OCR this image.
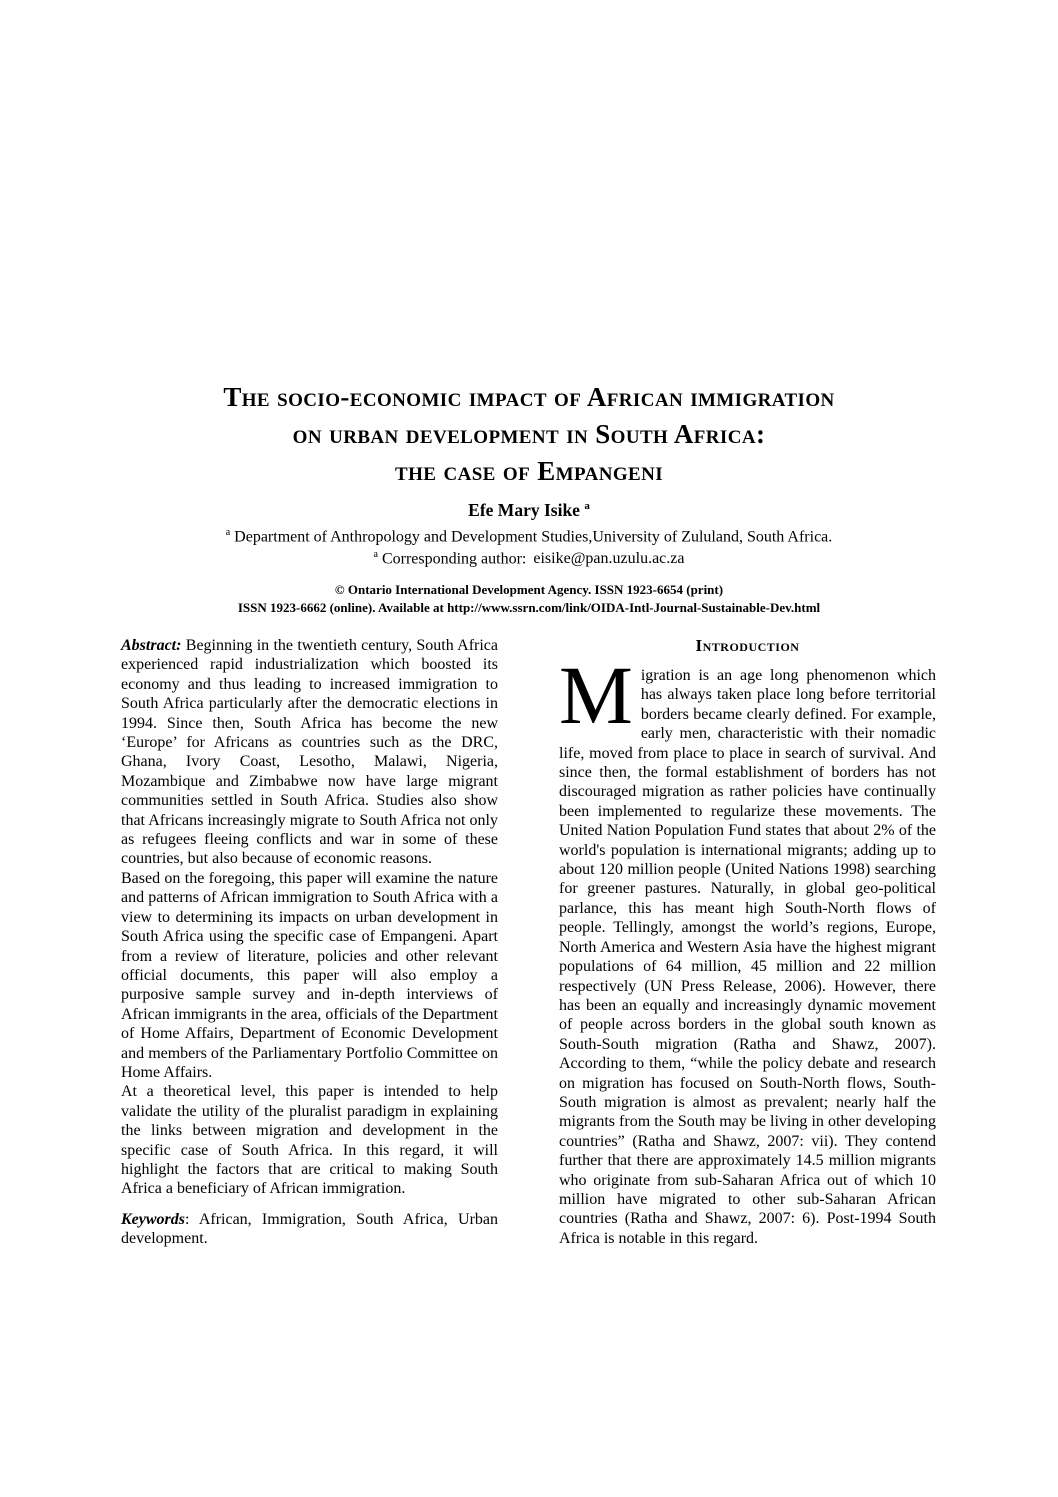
The socio-economic impact of African immigration
on urban development in South Africa:
the case of Empangeni
Efe Mary Isike $^a$
$^a$ Department of Anthropology and Development Studies,University of Zululand, South Africa.
$^a$ Corresponding author: eisike@pan.uzulu.ac.za
© Ontario International Development Agency. ISSN 1923-6654 (print)
ISSN 1923-6662 (online). Available at http://www.ssrn.com/link/OIDA-Intl-Journal-Sustainable-Dev.html

Abstract: Beginning in the twentieth century, South Africa experienced rapid industrialization which boosted its economy and thus leading to increased immigration to South Africa particularly after the democratic elections in 1994. Since then, South Africa has become the new ‘Europe’ for Africans as countries such as the DRC, Ghana, Ivory Coast, Lesotho, Malawi, Nigeria, Mozambique and Zimbabwe now have large migrant communities settled in South Africa. Studies also show that Africans increasingly migrate to South Africa not only as refugees fleeing conflicts and war in some of these countries, but also because of economic reasons.

Based on the foregoing, this paper will examine the nature and patterns of African immigration to South Africa with a view to determining its impacts on urban development in South Africa using the specific case of Empangeni. Apart from a review of literature, policies and other relevant official documents, this paper will also employ a purposive sample survey and in-depth interviews of African immigrants in the area, officials of the Department of Home Affairs, Department of Economic Development and members of the Parliamentary Portfolio Committee on Home Affairs.

At a theoretical level, this paper is intended to help validate the utility of the pluralist paradigm in explaining the links between migration and development in the specific case of South Africa. In this regard, it will highlight the factors that are critical to making South Africa a beneficiary of African immigration.

Keywords: African, Immigration, South Africa, Urban development.

Introduction

Migration is an age long phenomenon which has always taken place long before territorial borders became clearly defined. For example, early men, characteristic with their nomadic life, moved from place to place in search of survival. And since then, the formal establishment of borders has not discouraged migration as rather policies have continually been implemented to regularize these movements. The United Nation Population Fund states that about 2% of the world's population is international migrants; adding up to about 120 million people (United Nations 1998) searching for greener pastures. Naturally, in global geo-political parlance, this has meant high South-North flows of people. Tellingly, amongst the world’s regions, Europe, North America and Western Asia have the highest migrant populations of 64 million, 45 million and 22 million respectively (UN Press Release, 2006). However, there has been an equally and increasingly dynamic movement of people across borders in the global south known as South-South migration (Ratha and Shawz, 2007). According to them, “while the policy debate and research on migration has focused on South-North flows, South-South migration is almost as prevalent; nearly half the migrants from the South may be living in other developing countries” (Ratha and Shawz, 2007: vii). They contend further that there are approximately 14.5 million migrants who originate from sub-Saharan Africa out of which 10 million have migrated to other sub-Saharan African countries (Ratha and Shawz, 2007: 6). Post-1994 South Africa is notable in this regard.
